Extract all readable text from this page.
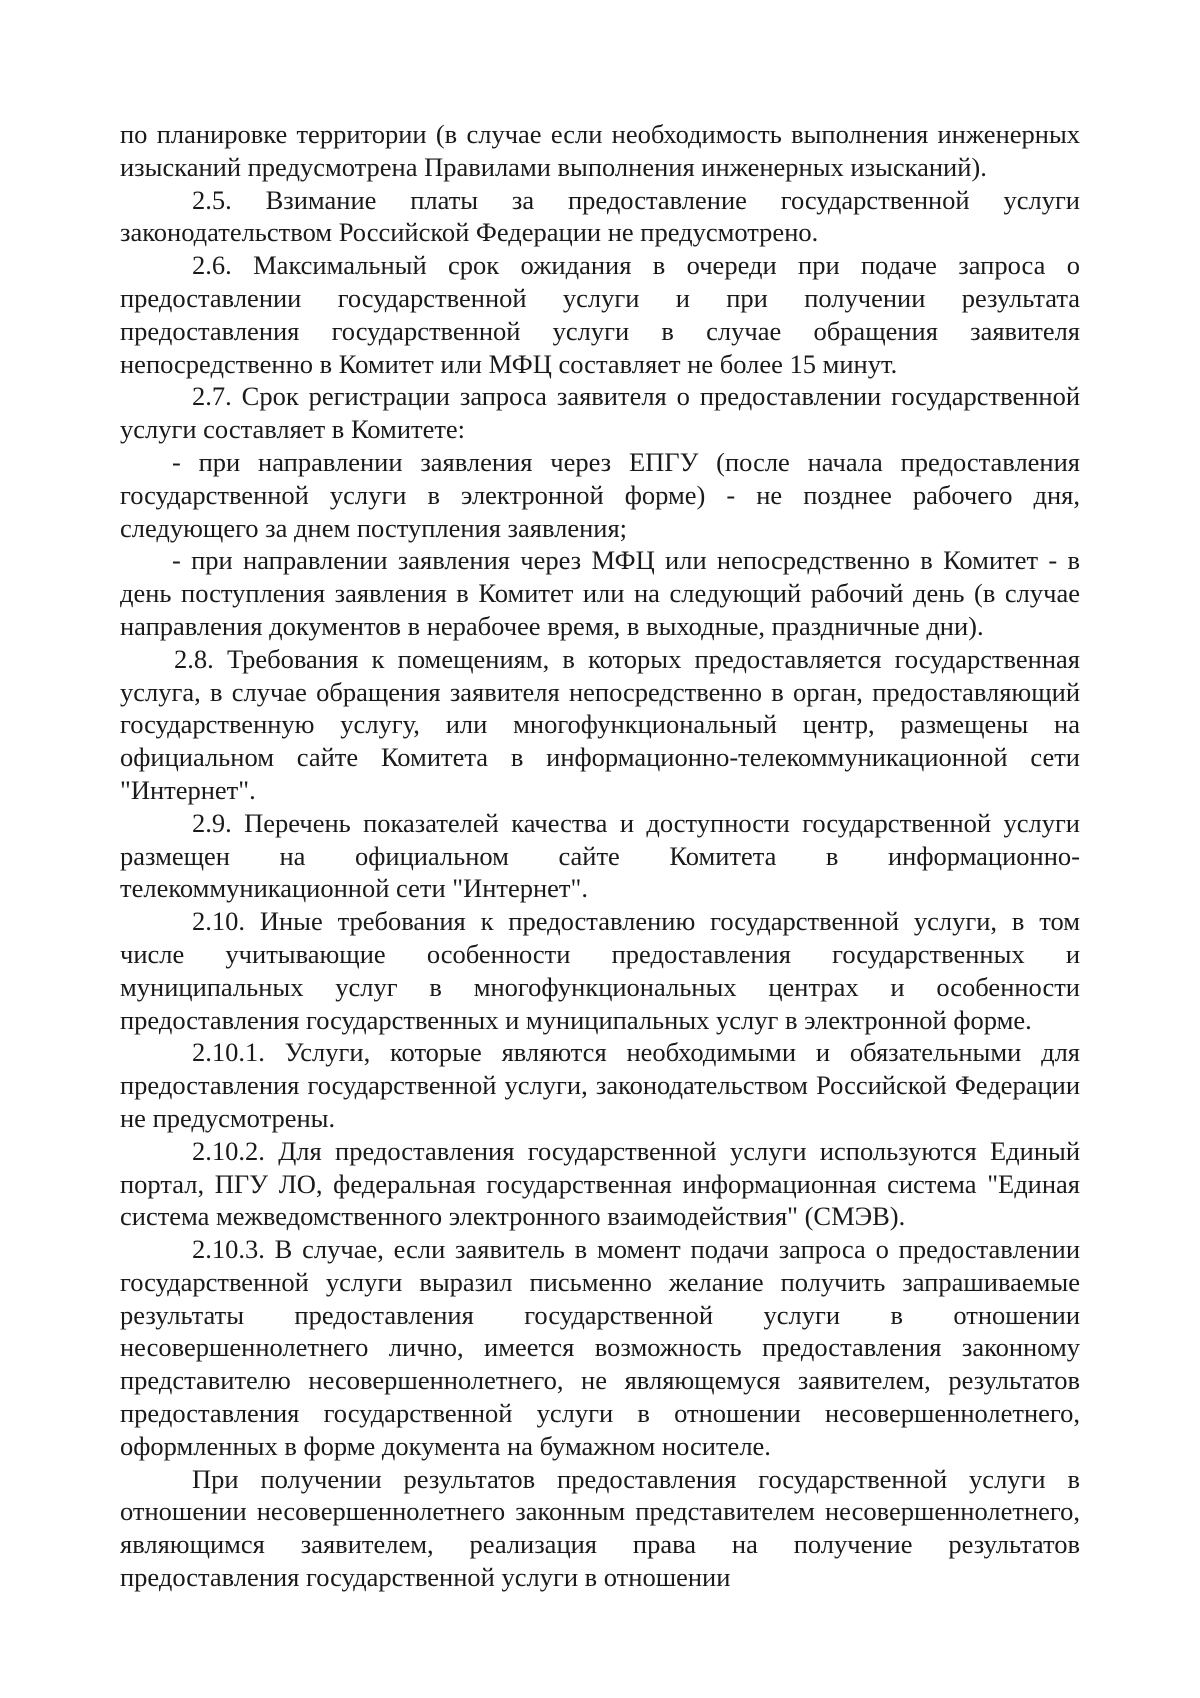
по планировке территории (в случае если необходимость выполнения инженерных изысканий предусмотрена Правилами выполнения инженерных изысканий).

2.5. Взимание платы за предоставление государственной услуги законодательством Российской Федерации не предусмотрено.

2.6. Максимальный срок ожидания в очереди при подаче запроса о предоставлении государственной услуги и при получении результата предоставления государственной услуги в случае обращения заявителя непосредственно в Комитет или МФЦ составляет не более 15 минут.

2.7. Срок регистрации запроса заявителя о предоставлении государственной услуги составляет в Комитете:

- при направлении заявления через ЕПГУ (после начала предоставления государственной услуги в электронной форме) - не позднее рабочего дня, следующего за днем поступления заявления;

- при направлении заявления через МФЦ или непосредственно в Комитет - в день поступления заявления в Комитет или на следующий рабочий день (в случае направления документов в нерабочее время, в выходные, праздничные дни).

2.8. Требования к помещениям, в которых предоставляется государственная услуга, в случае обращения заявителя непосредственно в орган, предоставляющий государственную услугу, или многофункциональный центр, размещены на официальном сайте Комитета в информационно-телекоммуникационной сети "Интернет".

2.9. Перечень показателей качества и доступности государственной услуги размещен на официальном сайте Комитета в информационно-телекоммуникационной сети "Интернет".

2.10. Иные требования к предоставлению государственной услуги, в том числе учитывающие особенности предоставления государственных и муниципальных услуг в многофункциональных центрах и особенности предоставления государственных и муниципальных услуг в электронной форме.

2.10.1. Услуги, которые являются необходимыми и обязательными для предоставления государственной услуги, законодательством Российской Федерации не предусмотрены.

2.10.2. Для предоставления государственной услуги используются Единый портал, ПГУ ЛО, федеральная государственная информационная система "Единая система межведомственного электронного взаимодействия" (СМЭВ).

2.10.3. В случае, если заявитель в момент подачи запроса о предоставлении государственной услуги выразил письменно желание получить запрашиваемые результаты предоставления государственной услуги в отношении несовершеннолетнего лично, имеется возможность предоставления законному представителю несовершеннолетнего, не являющемуся заявителем, результатов предоставления государственной услуги в отношении несовершеннолетнего, оформленных в форме документа на бумажном носителе.

При получении результатов предоставления государственной услуги в отношении несовершеннолетнего законным представителем несовершеннолетнего, являющимся заявителем, реализация права на получение результатов предоставления государственной услуги в отношении
